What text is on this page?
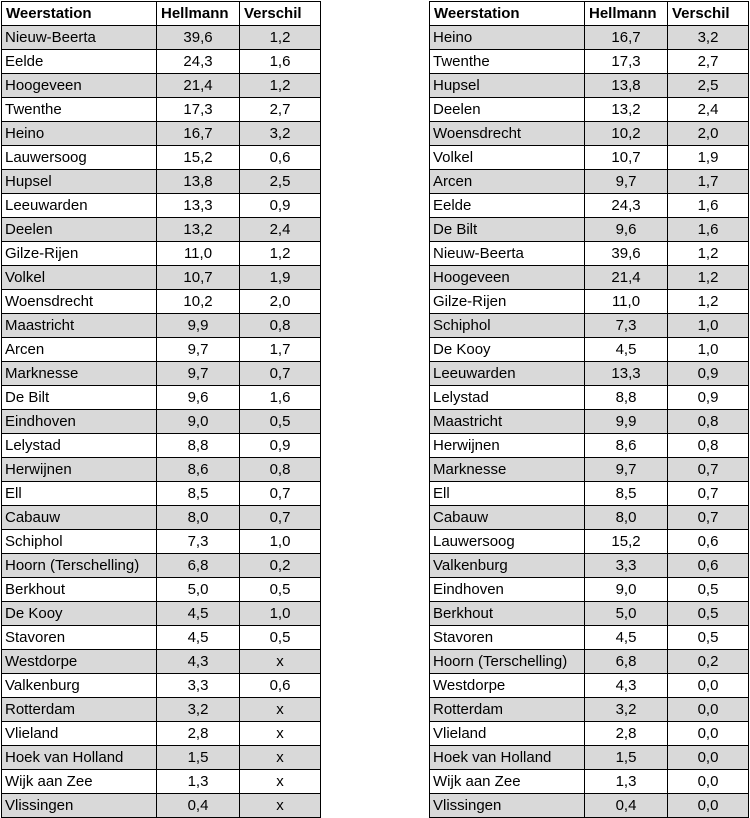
Weerstation	Hellmann	Verschil
Nieuw-Beerta	39,6	1,2
Eelde	24,3	1,6
Hoogeveen	21,4	1,2
Twenthe	17,3	2,7
Heino	16,7	3,2
Lauwersoog	15,2	0,6
Hupsel	13,8	2,5
Leeuwarden	13,3	0,9
Deelen	13,2	2,4
Gilze-Rijen	11,0	1,2
Volkel	10,7	1,9
Woensdrecht	10,2	2,0
Maastricht	9,9	0,8
Arcen	9,7	1,7
Marknesse	9,7	0,7
De Bilt	9,6	1,6
Eindhoven	9,0	0,5
Lelystad	8,8	0,9
Herwijnen	8,6	0,8
Ell	8,5	0,7
Cabauw	8,0	0,7
Schiphol	7,3	1,0
Hoorn (Terschelling)	6,8	0,2
Berkhout	5,0	0,5
De Kooy	4,5	1,0
Stavoren	4,5	0,5
Westdorpe	4,3	x
Valkenburg	3,3	0,6
Rotterdam	3,2	x
Vlieland	2,8	x
Hoek van Holland	1,5	x
Wijk aan Zee	1,3	x
Vlissingen	0,4	x
Weerstation	Hellmann	Verschil
Heino	16,7	3,2
Twenthe	17,3	2,7
Hupsel	13,8	2,5
Deelen	13,2	2,4
Woensdrecht	10,2	2,0
Volkel	10,7	1,9
Arcen	9,7	1,7
Eelde	24,3	1,6
De Bilt	9,6	1,6
Nieuw-Beerta	39,6	1,2
Hoogeveen	21,4	1,2
Gilze-Rijen	11,0	1,2
Schiphol	7,3	1,0
De Kooy	4,5	1,0
Leeuwarden	13,3	0,9
Lelystad	8,8	0,9
Maastricht	9,9	0,8
Herwijnen	8,6	0,8
Marknesse	9,7	0,7
Ell	8,5	0,7
Cabauw	8,0	0,7
Lauwersoog	15,2	0,6
Valkenburg	3,3	0,6
Eindhoven	9,0	0,5
Berkhout	5,0	0,5
Stavoren	4,5	0,5
Hoorn (Terschelling)	6,8	0,2
Westdorpe	4,3	0,0
Rotterdam	3,2	0,0
Vlieland	2,8	0,0
Hoek van Holland	1,5	0,0
Wijk aan Zee	1,3	0,0
Vlissingen	0,4	0,0
